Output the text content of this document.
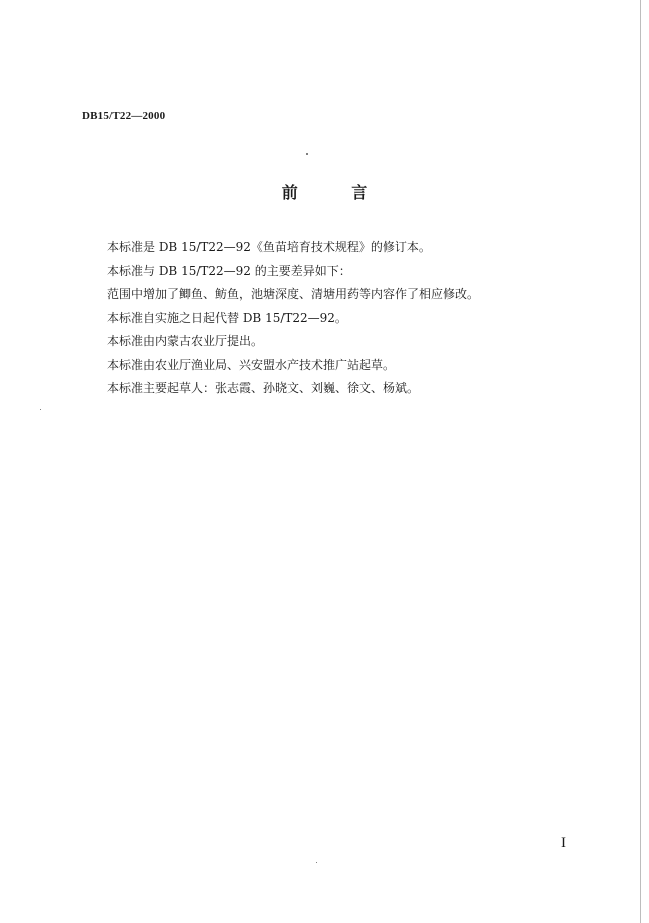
DB15/T22—2000
前 言
本标准是 DB 15/T22—92《鱼苗培育技术规程》的修订本。
本标准与 DB 15/T22—92 的主要差异如下：
范围中增加了鲫鱼、鲂鱼，池塘深度、清塘用药等内容作了相应修改。
本标准自实施之日起代替 DB 15/T22—92。
本标准由内蒙古农业厅提出。
本标准由农业厅渔业局、兴安盟水产技术推广站起草。
本标准主要起草人：张志霞、孙晓文、刘巍、徐文、杨斌。
I
